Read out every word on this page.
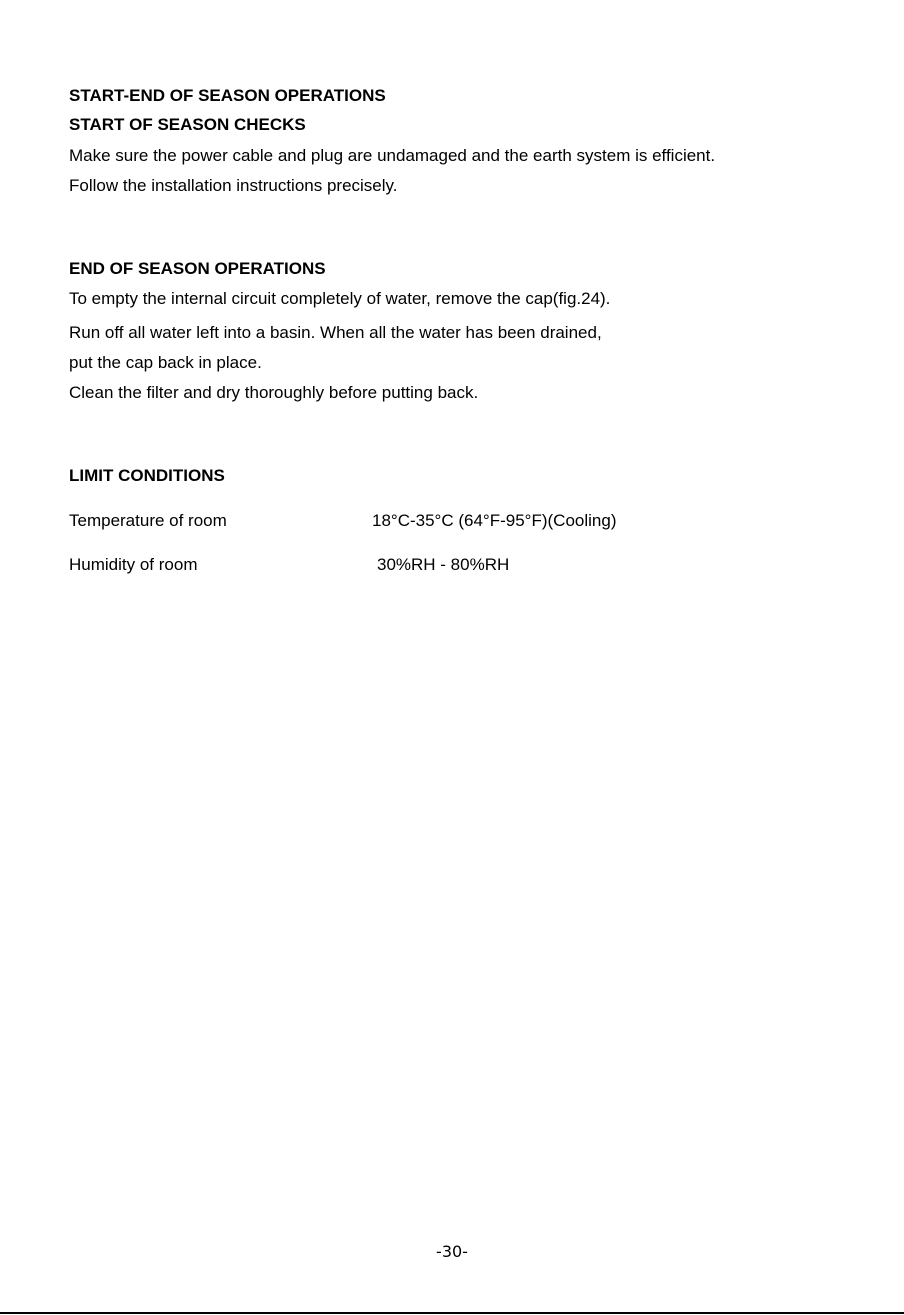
START-END OF SEASON OPERATIONS
START OF SEASON CHECKS
Make sure the power cable and plug are undamaged and the earth system is efficient.
Follow the installation instructions precisely.
END OF SEASON OPERATIONS
To empty the internal circuit completely of water, remove the cap(fig.24).
Run off all water left into a basin. When all the water has been drained,
put the cap back in place.
Clean the filter and dry thoroughly before putting back.
LIMIT CONDITIONS
Temperature of room	18°C-35°C (64°F-95°F)(Cooling)
Humidity of room	30%RH - 80%RH
-30-
